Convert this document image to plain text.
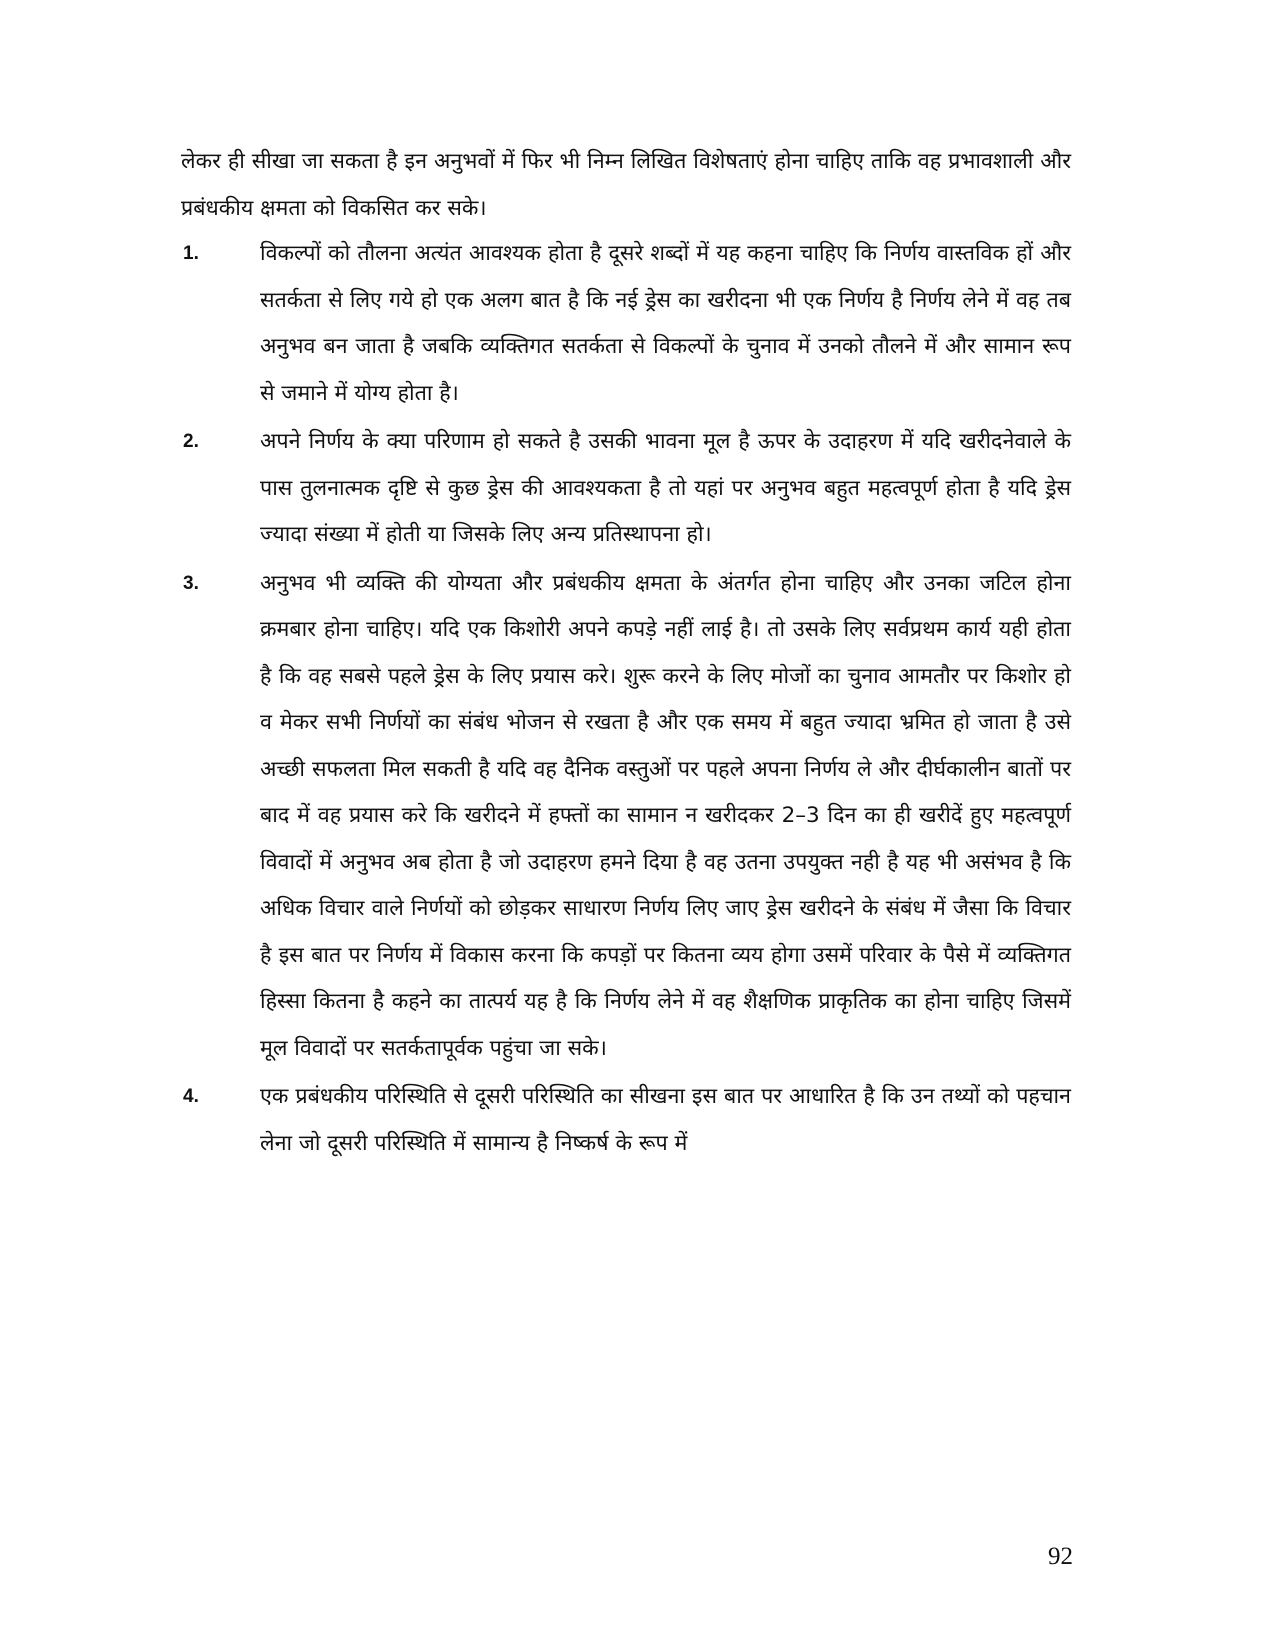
लेकर ही सीखा जा सकता है इन अनुभवों में फिर भी निम्न लिखित विशेषताएं होना चाहिए ताकि वह प्रभावशाली और प्रबंधकीय क्षमता को विकसित कर सके।

1.	विकल्पों को तौलना अत्यंत आवश्यक होता है दूसरे शब्दों में यह कहना चाहिए कि निर्णय वास्तविक हों और सतर्कता से लिए गये हो एक अलग बात है कि नई ड्रेस का खरीदना भी एक निर्णय है निर्णय लेने में वह तब अनुभव बन जाता है जबकि व्यक्तिगत सतर्कता से विकल्पों के चुनाव में उनको तौलने में और सामान रूप से जमाने में योग्य होता है।
2.	अपने निर्णय के क्या परिणाम हो सकते है उसकी भावना मूल है ऊपर के उदाहरण में यदि खरीदनेवाले के पास तुलनात्मक दृष्टि से कुछ ड्रेस की आवश्यकता है तो यहां पर अनुभव बहुत महत्वपूर्ण होता है यदि ड्रेस ज्यादा संख्या में होती या जिसके लिए अन्य प्रतिस्थापना हो।
3.	अनुभव भी व्यक्ति की योग्यता और प्रबंधकीय क्षमता के अंतर्गत होना चाहिए और उनका जटिल होना क्रमबार होना चाहिए। यदि एक किशोरी अपने कपड़े नहीं लाई है। तो उसके लिए सर्वप्रथम कार्य यही होता है कि वह सबसे पहले ड्रेस के लिए प्रयास करे। शुरू करने के लिए मोजों का चुनाव आमतौर पर किशोर हो व मेकर सभी निर्णयों का संबंध भोजन से रखता है और एक समय में बहुत ज्यादा भ्रमित हो जाता है उसे अच्छी सफलता मिल सकती है यदि वह दैनिक वस्तुओं पर पहले अपना निर्णय ले और दीर्घकालीन बातों पर बाद में वह प्रयास करे कि खरीदने में हफ्तों का सामान न खरीदकर 2–3 दिन का ही खरीदें हुए महत्वपूर्ण विवादों में अनुभव अब होता है जो उदाहरण हमने दिया है वह उतना उपयुक्त नही है यह भी असंभव है कि अधिक विचार वाले निर्णयों को छोड़कर साधारण निर्णय लिए जाए ड्रेस खरीदने के संबंध में जैसा कि विचार है इस बात पर निर्णय में विकास करना कि कपड़ों पर कितना व्यय होगा उसमें परिवार के पैसे में व्यक्तिगत हिस्सा कितना है कहने का तात्पर्य यह है कि निर्णय लेने में वह शैक्षणिक प्राकृतिक का होना चाहिए जिसमें मूल विवादों पर सतर्कतापूर्वक पहुंचा जा सके।
4.	एक प्रबंधकीय परिस्थिति से दूसरी परिस्थिति का सीखना इस बात पर आधारित है कि उन तथ्यों को पहचान लेना जो दूसरी परिस्थिति में सामान्य है निष्कर्ष के रूप में
92
